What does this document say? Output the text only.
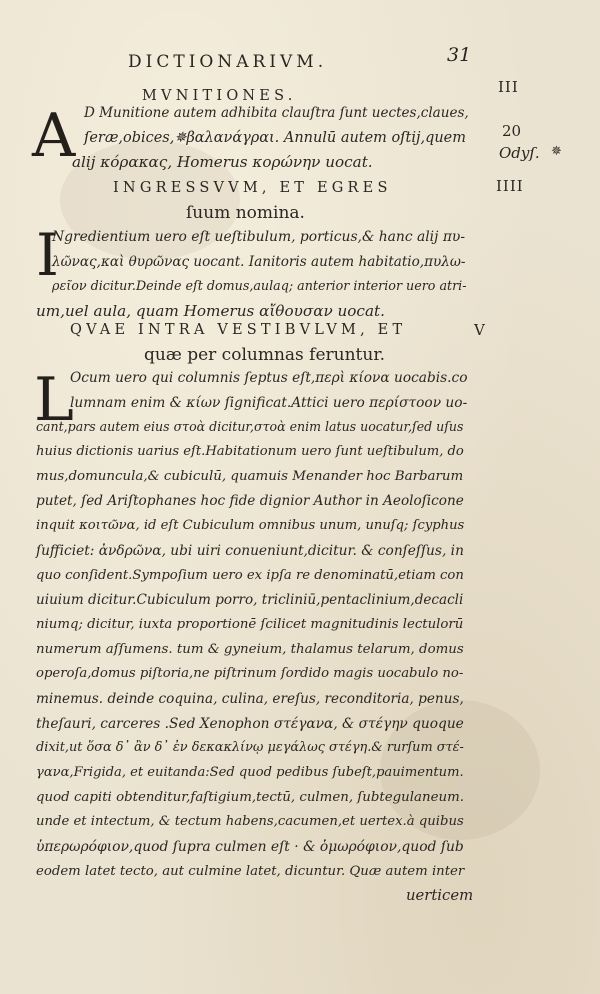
DICTIONARIVM.	31
III
20
Odyſ. ✵
IIII
V
MVNITIONES.
A D Munitione autem adhibita clauſtra ſunt uectes,claues,
ſeræ,obices,✵βαλανάγραι. Annulū autem oſtij,quem
alij κόρακας, Homerus κορώνην uocat.
INGRESSVVM, ET EGRES
ſuum nomina.
I
Ngredientium uero eſt ueſtibulum, porticus,& hanc alij πυ-
λῶνας,καὶ θυρῶνας uocant. Ianitoris autem habitatio,πυλω-
ρεῖον dicitur.Deinde eſt domus,aulaq; anterior interior uero atri-
um,uel aula, quam Homerus αἴθουσαν uocat.
QVAE INTRA VESTIBVLVM, ET
quæ per columnas feruntur.
L
Ocum uero qui columnis ſeptus eſt,περὶ κίονα uocabis.co
lumnam enim & κίων ſignificat.Attici uero περίστοον uo-
cant,pars autem eius στοὰ dicitur,στοὰ enim latus uocatur,ſed uſus
huius dictionis uarius eſt.Habitationum uero ſunt ueſtibulum, do
mus,domuncula,& cubiculū, quamuis Menander hoc Barbarum
putet, ſed Ariſtophanes hoc fide dignior Author in Aeoloſicone
inquit κοιτῶνα, id eſt Cubiculum omnibus unum, unuſq; ſcyphus
ſufficiet: ἀνδρῶνα, ubi uiri conueniunt,dicitur. & conſeſſus, in
quo conſident.Sympoſium uero ex ipſa re denominatū,etiam con
uiuium dicitur.Cubiculum porro, tricliniū,pentaclinium,decacli
niumq; dicitur, iuxta proportionē ſcilicet magnitudinis lectulorū
numerum aſſumens. tum & gyneium, thalamus telarum, domus
operoſa,domus piſtoria,ne piſtrinum ſordido magis uocabulo no-
minemus. deinde coquina, culina, ereſus, reconditoria, penus,
theſauri, carceres .Sed Xenophon στέγανα, & στέγην quoque
dixit,ut ὅσα δ᾽ ἂν δ᾽ ἐν δεκακλίνῳ μεγάλως στέγη.& rurſum στέ-
γανα,Frigida, et euitanda:Sed quod pedibus ſubeſt,pauimentum.
quod capiti obtenditur,faſtigium,tectū, culmen, ſubtegulaneum.
unde et intectum, & tectum habens,cacumen,et uertex.à quibus
ὑπερωρόφιον,quod ſupra culmen eſt · & ὁμωρόφιον,quod ſub
eodem latet tecto, aut culmine latet, dicuntur. Quæ autem inter
uerticem
